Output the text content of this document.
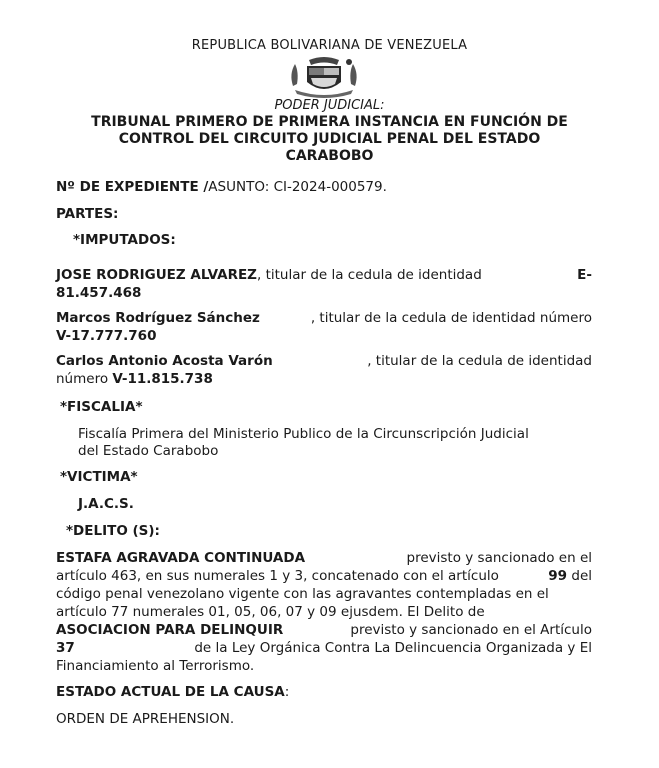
REPUBLICA BOLIVARIANA DE VENEZUELA
PODER JUDICIAL:
TRIBUNAL PRIMERO DE PRIMERA INSTANCIA EN FUNCIÓN DE
CONTROL DEL CIRCUITO JUDICIAL PENAL DEL ESTADO
CARABOBO
Nº DE EXPEDIENTE /ASUNTO: CI-2024-000579.
PARTES:
*IMPUTADOS:
JOSE RODRIGUEZ ALVAREZ, titular de la cedula de identidad	E-
81.457.468
Marcos Rodríguez Sánchez	, titular de la cedula de identidad número
V-17.777.760
Carlos Antonio Acosta Varón	, titular de la cedula de identidad
número V-11.815.738
*FISCALIA*
Fiscalía Primera del Ministerio Publico de la Circunscripción Judicial
del Estado Carabobo
*VICTIMA*
J.A.C.S.
*DELITO (S):
ESTAFA AGRAVADA CONTINUADA	previsto y sancionado en el
artículo 463, en sus numerales 1 y 3, concatenado con el artículo	99 del
código penal venezolano vigente con las agravantes contempladas en el
artículo 77 numerales 01, 05, 06, 07 y 09 ejusdem. El Delito de
ASOCIACION PARA DELINQUIR	previsto y sancionado en el Artículo
37	de la Ley Orgánica Contra La Delincuencia Organizada y El
Financiamiento al Terrorismo.
ESTADO ACTUAL DE LA CAUSA:
ORDEN DE APREHENSION.
